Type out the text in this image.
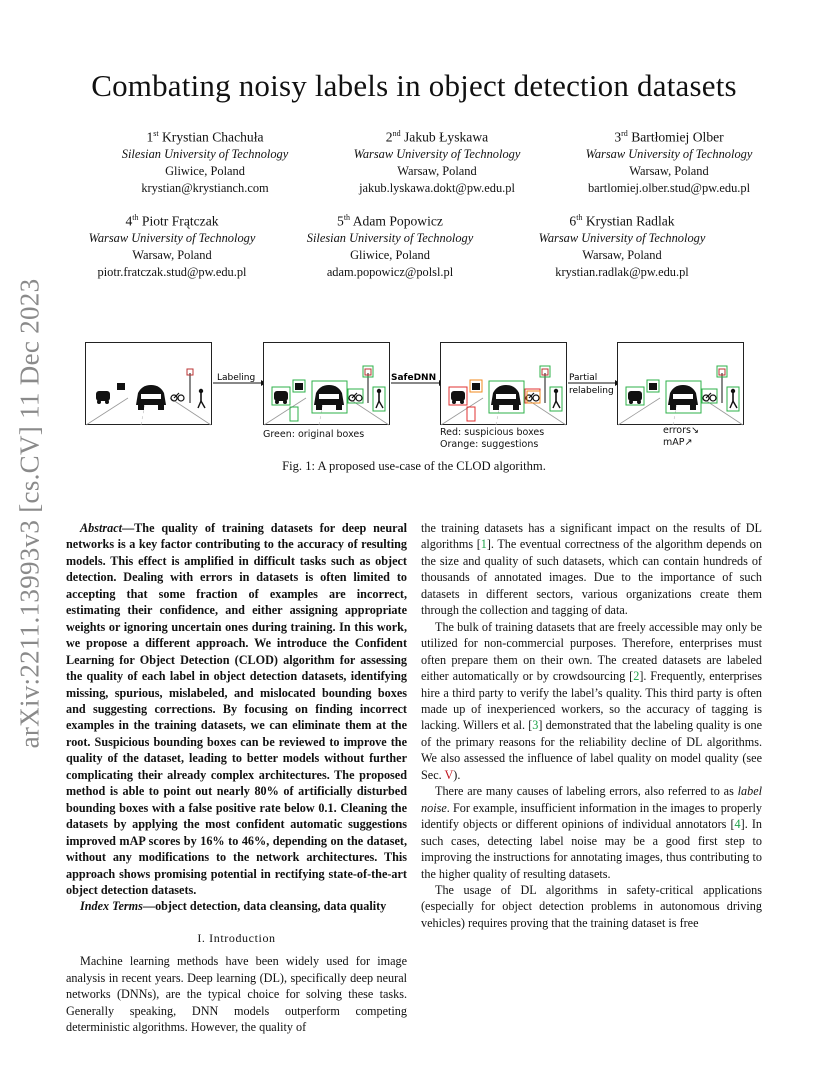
Combating noisy labels in object detection datasets
1st Krystian Chachuła
Silesian University of Technology
Gliwice, Poland
krystian@krystianch.com
2nd Jakub Łyskawa
Warsaw University of Technology
Warsaw, Poland
jakub.lyskawa.dokt@pw.edu.pl
3rd Bartłomiej Olber
Warsaw University of Technology
Warsaw, Poland
bartlomiej.olber.stud@pw.edu.pl
4th Piotr Frątczak
Warsaw University of Technology
Warsaw, Poland
piotr.fratczak.stud@pw.edu.pl
5th Adam Popowicz
Silesian University of Technology
Gliwice, Poland
adam.popowicz@polsl.pl
6th Krystian Radlak
Warsaw University of Technology
Warsaw, Poland
krystian.radlak@pw.edu.pl
arXiv:2211.13993v3 [cs.CV] 11 Dec 2023	Labeling	SafeDNN	Partial
relabeling
Green: original boxes	Red: suspicious boxes
Orange: suggestions
errors↘
mAP↗
Fig. 1: A proposed use-case of the CLOD algorithm.

Abstract—The quality of training datasets for deep neural networks is a key factor contributing to the accuracy of resulting models. This effect is amplified in difficult tasks such as object detection. Dealing with errors in datasets is often limited to accepting that some fraction of examples are incorrect, estimating their confidence, and either assigning appropriate weights or ignoring uncertain ones during training. In this work, we propose a different approach. We introduce the Confident Learning for Object Detection (CLOD) algorithm for assessing the quality of each label in object detection datasets, identifying missing, spurious, mislabeled, and mislocated bounding boxes and suggesting corrections. By focusing on finding incorrect examples in the training datasets, we can eliminate them at the root. Suspicious bounding boxes can be reviewed to improve the quality of the dataset, leading to better models without further complicating their already complex architectures. The proposed method is able to point out nearly 80% of artificially disturbed bounding boxes with a false positive rate below 0.1. Cleaning the datasets by applying the most confident automatic suggestions improved mAP scores by 16% to 46%, depending on the dataset, without any modifications to the network architectures. This approach shows promising potential in rectifying state-of-the-art object detection datasets.

Index Terms—object detection, data cleansing, data quality

I. Introduction

Machine learning methods have been widely used for image analysis in recent years. Deep learning (DL), specifically deep neural networks (DNNs), are the typical choice for solving these tasks. Generally speaking, DNN models outperform competing deterministic algorithms. However, the quality of

the training datasets has a significant impact on the results of DL algorithms [1]. The eventual correctness of the algorithm depends on the size and quality of such datasets, which can contain hundreds of thousands of annotated images. Due to the importance of such datasets in different sectors, various organizations create them through the collection and tagging of data.

The bulk of training datasets that are freely accessible may only be utilized for non-commercial purposes. Therefore, enterprises must often prepare them on their own. The created datasets are labeled either automatically or by crowdsourcing [2]. Frequently, enterprises hire a third party to verify the label’s quality. This third party is often made up of inexperienced workers, so the accuracy of tagging is lacking. Willers et al. [3] demonstrated that the labeling quality is one of the primary reasons for the reliability decline of DL algorithms. We also assessed the influence of label quality on model quality (see Sec. V).

There are many causes of labeling errors, also referred to as label noise. For example, insufficient information in the images to properly identify objects or different opinions of individual annotators [4]. In such cases, detecting label noise may be a good first step to improving the instructions for annotating images, thus contributing to the higher quality of resulting datasets.

The usage of DL algorithms in safety-critical applications (especially for object detection problems in autonomous driving vehicles) requires proving that the training dataset is free
